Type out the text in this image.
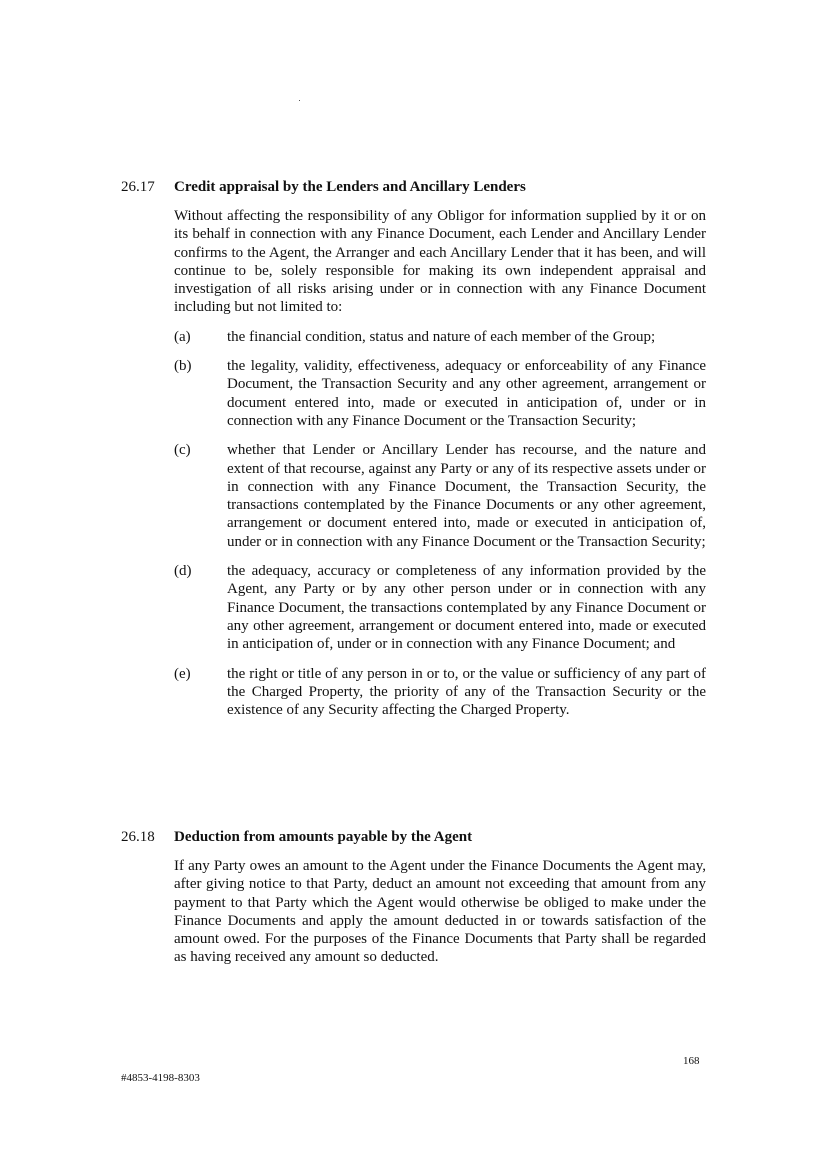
26.17	Credit appraisal by the Lenders and Ancillary Lenders
Without affecting the responsibility of any Obligor for information supplied by it or on its behalf in connection with any Finance Document, each Lender and Ancillary Lender confirms to the Agent, the Arranger and each Ancillary Lender that it has been, and will continue to be, solely responsible for making its own independent appraisal and investigation of all risks arising under or in connection with any Finance Document including but not limited to:
(a)	the financial condition, status and nature of each member of the Group;
(b)	the legality, validity, effectiveness, adequacy or enforceability of any Finance Document, the Transaction Security and any other agreement, arrangement or document entered into, made or executed in anticipation of, under or in connection with any Finance Document or the Transaction Security;
(c)	whether that Lender or Ancillary Lender has recourse, and the nature and extent of that recourse, against any Party or any of its respective assets under or in connection with any Finance Document, the Transaction Security, the transactions contemplated by the Finance Documents or any other agreement, arrangement or document entered into, made or executed in anticipation of, under or in connection with any Finance Document or the Transaction Security;
(d)	the adequacy, accuracy or completeness of any information provided by the Agent, any Party or by any other person under or in connection with any Finance Document, the transactions contemplated by any Finance Document or any other agreement, arrangement or document entered into, made or executed in anticipation of, under or in connection with any Finance Document; and
(e)	the right or title of any person in or to, or the value or sufficiency of any part of the Charged Property, the priority of any of the Transaction Security or the existence of any Security affecting the Charged Property.
26.18	Deduction from amounts payable by the Agent
If any Party owes an amount to the Agent under the Finance Documents the Agent may, after giving notice to that Party, deduct an amount not exceeding that amount from any payment to that Party which the Agent would otherwise be obliged to make under the Finance Documents and apply the amount deducted in or towards satisfaction of the amount owed. For the purposes of the Finance Documents that Party shall be regarded as having received any amount so deducted.
168
#4853-4198-8303
